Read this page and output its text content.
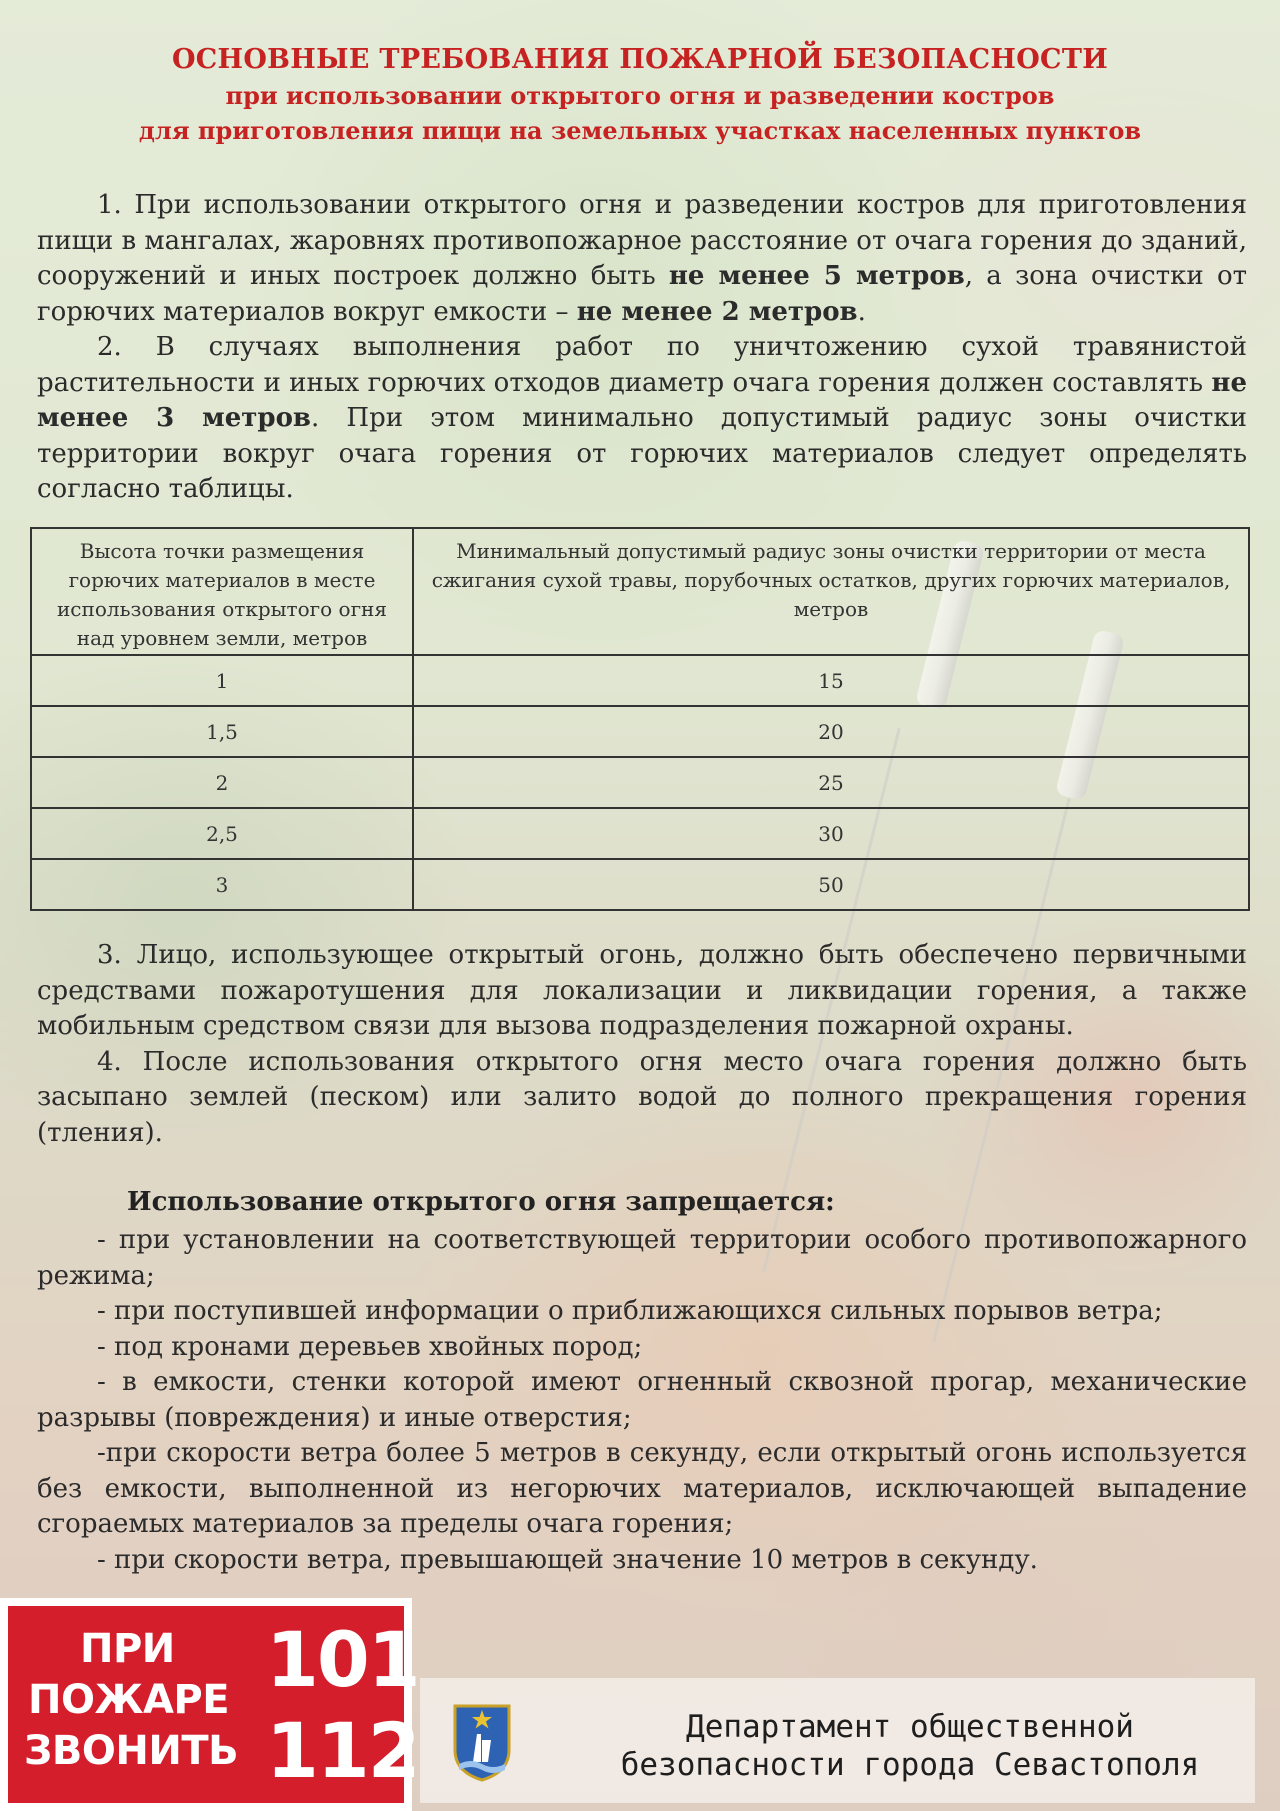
ОСНОВНЫЕ ТРЕБОВАНИЯ ПОЖАРНОЙ БЕЗОПАСНОСТИ
при использовании открытого огня и разведении костров
для приготовления пищи на земельных участках населенных пунктов

1. При использовании открытого огня и разведении костров для приготовления пищи в мангалах, жаровнях противопожарное расстояние от очага горения до зданий, сооружений и иных построек должно быть не менее 5 метров, а зона очистки от горючих материалов вокруг емкости – не менее 2 метров.

2. В случаях выполнения работ по уничтожению сухой травянистой растительности и иных горючих отходов диаметр очага горения должен составлять не менее 3 метров. При этом минимально допустимый радиус зоны очистки территории вокруг очага горения от горючих материалов следует определять согласно таблицы.

Высота точки размещения горючих материалов в месте использования открытого огня над уровнем земли, метров	Минимальный допустимый радиус зоны очистки территории от места сжигания сухой травы, порубочных остатков, других горючих материалов, метров
1	15
1,5	20
2	25
2,5	30
3	50

3. Лицо, использующее открытый огонь, должно быть обеспечено первичными средствами пожаротушения для локализации и ликвидации горения, а также мобильным средством связи для вызова подразделения пожарной охраны.

4. После использования открытого огня место очага горения должно быть засыпано землей (песком) или залито водой до полного прекращения горения (тления).

Использование открытого огня запрещается:

- при установлении на соответствующей территории особого противопожарного режима;

- при поступившей информации о приближающихся сильных порывов ветра;

- под кронами деревьев хвойных пород;

- в емкости, стенки которой имеют огненный сквозной прогар, механические разрывы (повреждения) и иные отверстия;

-при скорости ветра более 5 метров в секунду, если открытый огонь используется без емкости, выполненной из негорючих материалов, исключающей выпадение сгораемых материалов за пределы очага горения;

- при скорости ветра, превышающей значение 10 метров в секунду.

ПРИ
ПОЖАРЕ
ЗВОНИТЬ
101
112	Департамент общественной
безопасности города Севастополя
